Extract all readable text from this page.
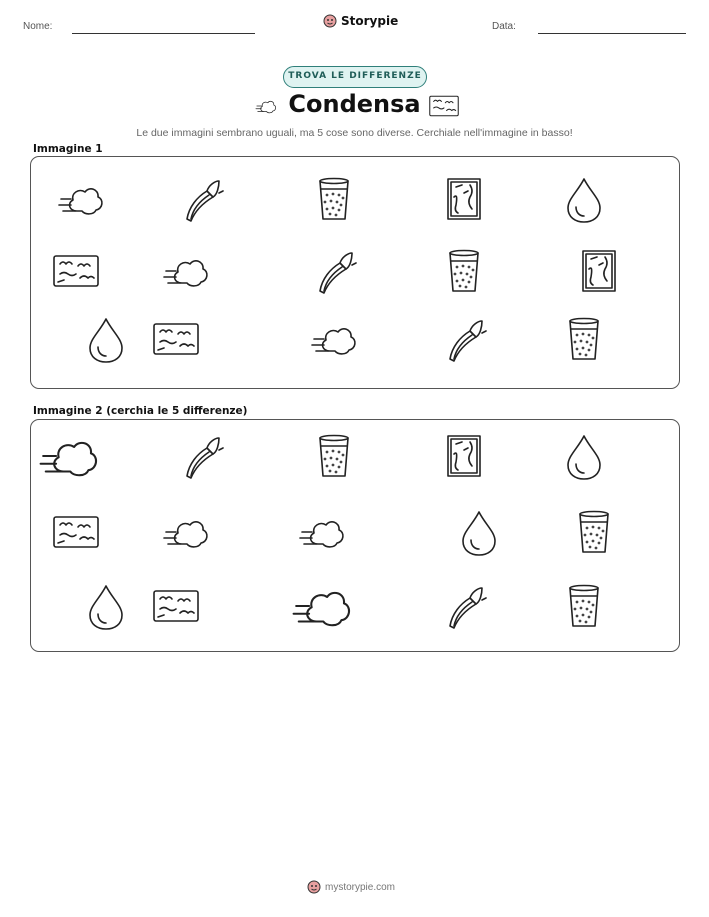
Nome:	Storypie	Data:
TROVA LE DIFFERENZE
Condensa
Le due immagini sembrano uguali, ma 5 cose sono diverse. Cerchiale nell'immagine in basso!
Immagine 1
Immagine 2 (cerchia le 5 differenze)
mystorypie.com
